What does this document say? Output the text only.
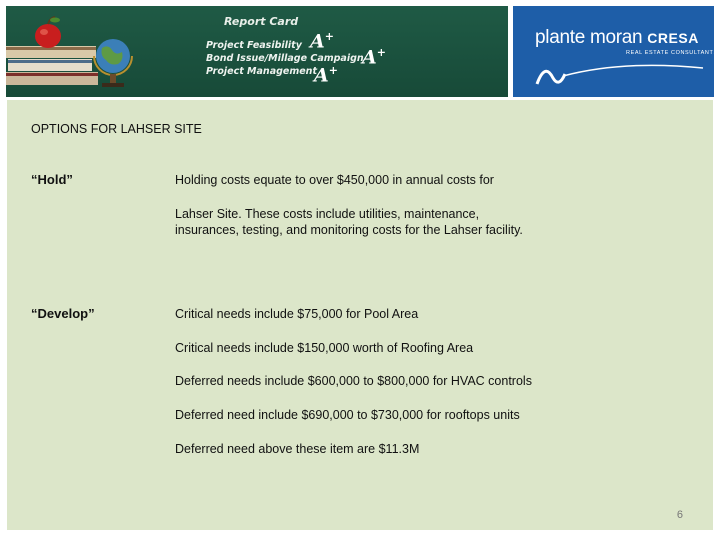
Report Card
Project Feasibility
Bond Issue/Millage Campaign
Project Management
A+
A+
A+
plante moran CRESA
REAL ESTATE CONSULTANTS
OPTIONS FOR LAHSER SITE
“Hold”	Holding costs equate to over $450,000 in annual costs for
Lahser Site. These costs include utilities, maintenance, insurances, testing, and monitoring costs for the Lahser facility.
“Develop”	Critical needs include $75,000 for Pool Area
Critical needs include $150,000 worth of Roofing Area
Deferred needs include $600,000 to $800,000 for HVAC controls
Deferred need include $690,000 to $730,000 for rooftops units
Deferred need above these item are $11.3M
6
